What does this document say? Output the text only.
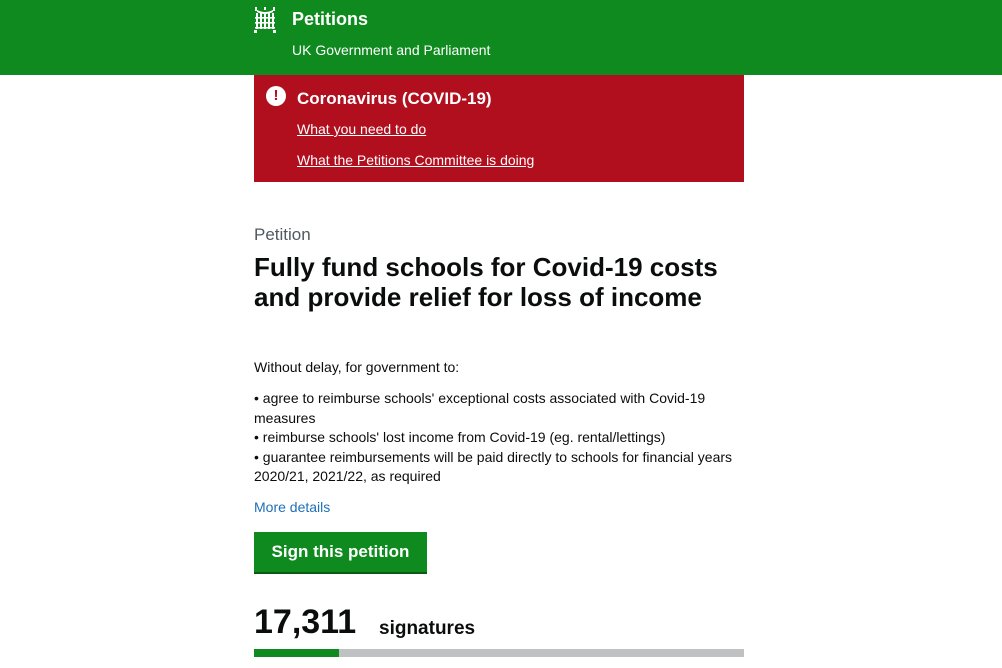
Petitions
UK Government and Parliament
!	Coronavirus (COVID-19)
What you need to do
What the Petitions Committee is doing
Petition
Fully fund schools for Covid-19 costs and provide relief for loss of income
Without delay, for government to:
• agree to reimburse schools' exceptional costs associated with Covid-19 measures
• reimburse schools' lost income from Covid-19 (eg. rental/lettings)
• guarantee reimbursements will be paid directly to schools for financial years 2020/21, 2021/22, as required
More details
Sign this petition
17,311 signatures
